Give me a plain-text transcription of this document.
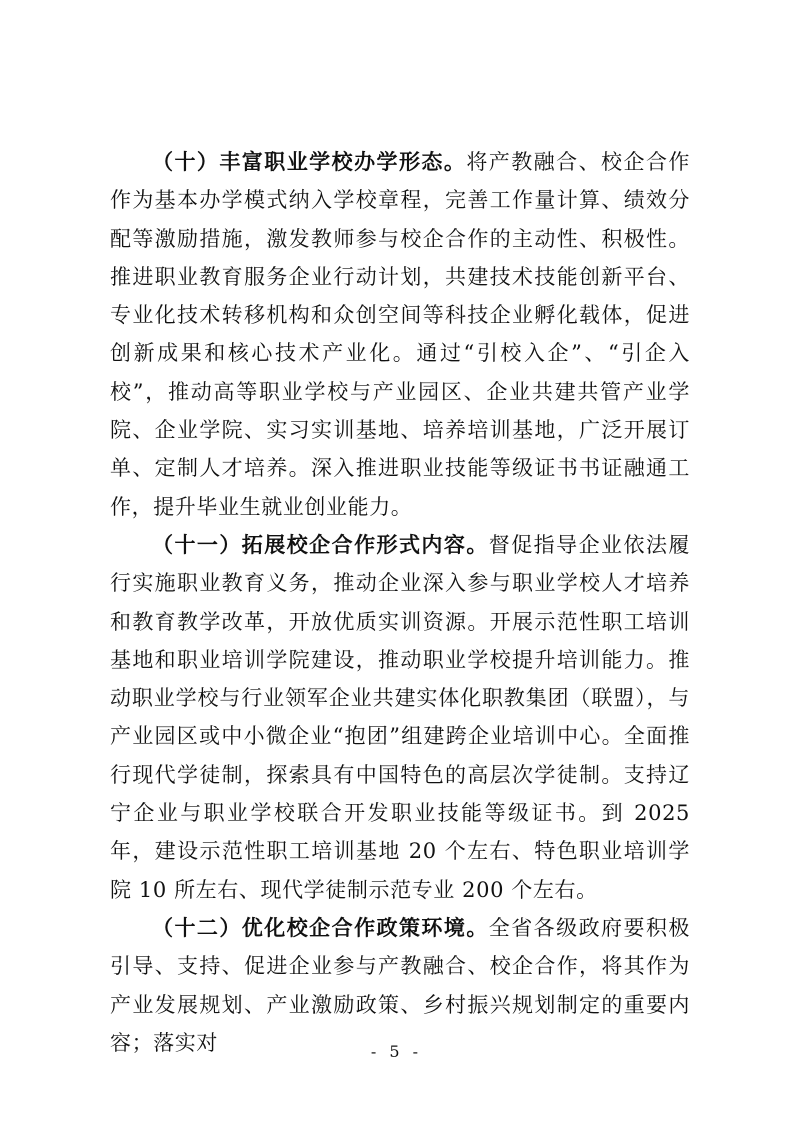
（十）丰富职业学校办学形态。将产教融合、校企合作作为基本办学模式纳入学校章程，完善工作量计算、绩效分配等激励措施，激发教师参与校企合作的主动性、积极性。推进职业教育服务企业行动计划，共建技术技能创新平台、专业化技术转移机构和众创空间等科技企业孵化载体，促进创新成果和核心技术产业化。通过“引校入企”、“引企入校”，推动高等职业学校与产业园区、企业共建共管产业学院、企业学院、实习实训基地、培养培训基地，广泛开展订单、定制人才培养。深入推进职业技能等级证书书证融通工作，提升毕业生就业创业能力。

（十一）拓展校企合作形式内容。督促指导企业依法履行实施职业教育义务，推动企业深入参与职业学校人才培养和教育教学改革，开放优质实训资源。开展示范性职工培训基地和职业培训学院建设，推动职业学校提升培训能力。推动职业学校与行业领军企业共建实体化职教集团（联盟），与产业园区或中小微企业“抱团”组建跨企业培训中心。全面推行现代学徒制，探索具有中国特色的高层次学徒制。支持辽宁企业与职业学校联合开发职业技能等级证书。到 2025 年，建设示范性职工培训基地 20 个左右、特色职业培训学院 10 所左右、现代学徒制示范专业 200 个左右。

（十二）优化校企合作政策环境。全省各级政府要积极引导、支持、促进企业参与产教融合、校企合作，将其作为产业发展规划、产业激励政策、乡村振兴规划制定的重要内容；落实对	- 5 -
